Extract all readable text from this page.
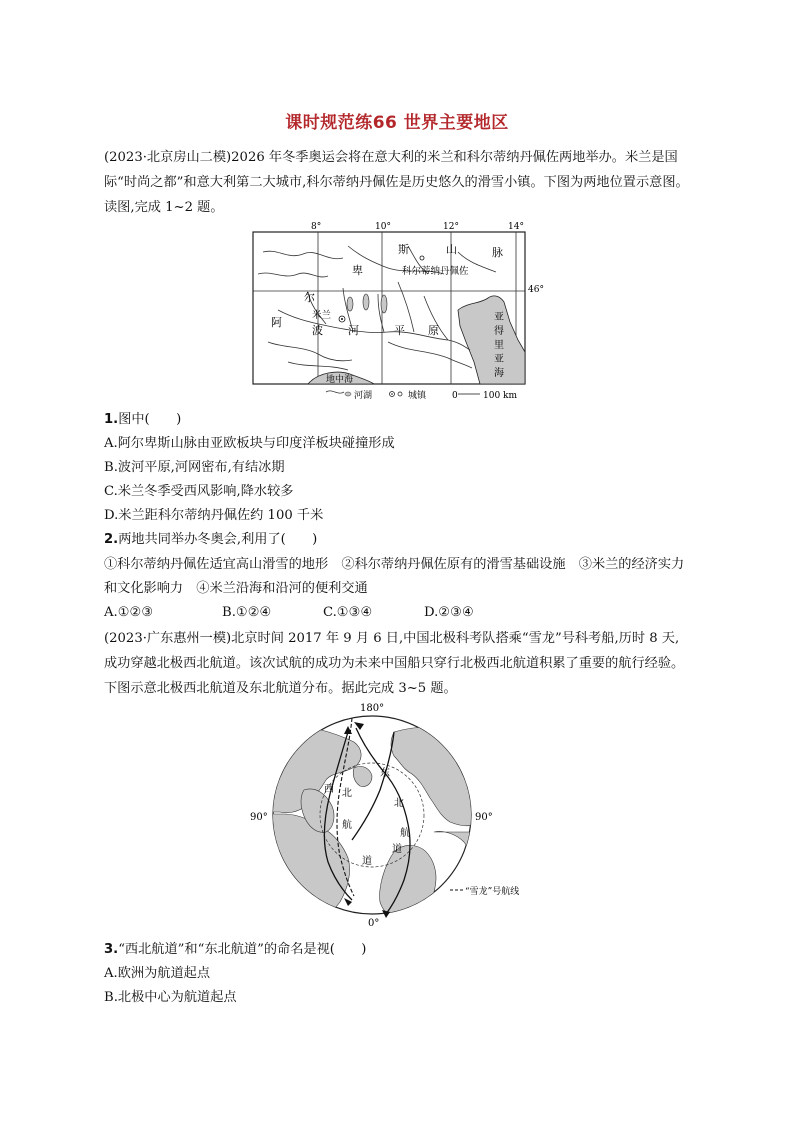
课时规范练66 世界主要地区

(2023·北京房山二模)2026 年冬季奥运会将在意大利的米兰和科尔蒂纳丹佩佐两地举办。米兰是国际“时尚之都”和意大利第二大城市,科尔蒂纳丹佩佐是历史悠久的滑雪小镇。下图为两地位置示意图。读图,完成 1~2 题。

8°	10°	12°	14°
46°
阿
尔
卑
斯	山	脉
科尔蒂纳丹佩佐
米兰
波 河	平 原
亚
得
里
亚
海
地中海
河湖	城镇	0	100 km
1.图中(　　)
A.阿尔卑斯山脉由亚欧板块与印度洋板块碰撞形成
B.波河平原,河网密布,有结冰期
C.米兰冬季受西风影响,降水较多
D.米兰距科尔蒂纳丹佩佐约 100 千米
2.两地共同举办冬奥会,利用了(　　)

①科尔蒂纳丹佩佐适宜高山滑雪的地形　②科尔蒂纳丹佩佐原有的滑雪基础设施　③米兰的经济实力和文化影响力　④米兰沿海和沿河的便利交通

A.①②③	B.①②④	C.①③④	D.②③④

(2023·广东惠州一模)北京时间 2017 年 9 月 6 日,中国北极科考队搭乘“雪龙”号科考船,历时 8 天,成功穿越北极西北航道。该次试航的成功为未来中国船只穿行北极西北航道积累了重要的航行经验。下图示意北极西北航道及东北航道分布。据此完成 3~5 题。

西 北
航
道
东
北
航
道
180°
90°	90°
0°
“雪龙”号航线
3.“西北航道”和“东北航道”的命名是视(　　)
A.欧洲为航道起点
B.北极中心为航道起点
